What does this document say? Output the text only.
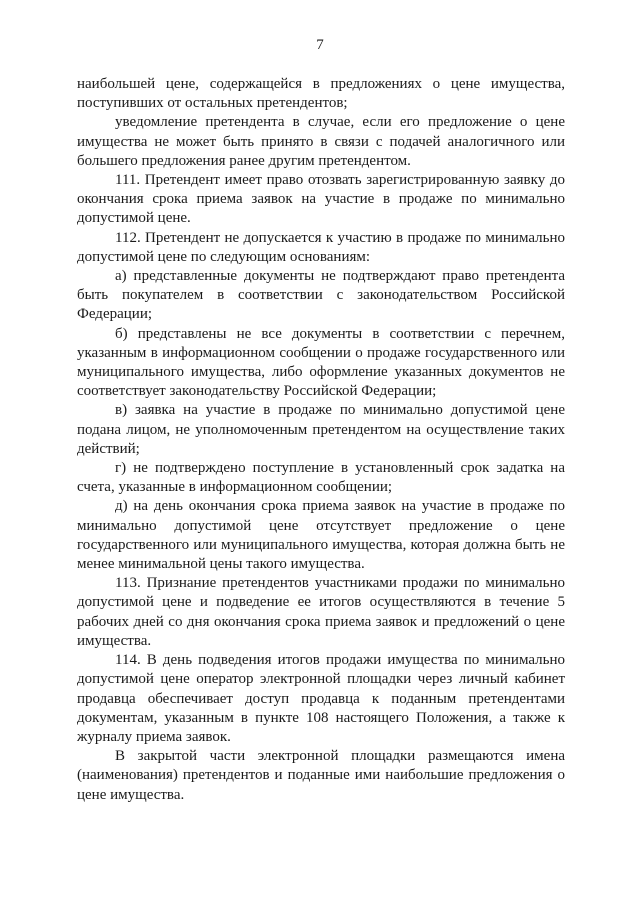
7

наибольшей цене, содержащейся в предложениях о цене имущества, поступивших от остальных претендентов;

уведомление претендента в случае, если его предложение о цене имущества не может быть принято в связи с подачей аналогичного или большего предложения ранее другим претендентом.

111. Претендент имеет право отозвать зарегистрированную заявку до окончания срока приема заявок на участие в продаже по минимально допустимой цене.

112. Претендент не допускается к участию в продаже по минимально допустимой цене по следующим основаниям:

а) представленные документы не подтверждают право претендента быть покупателем в соответствии с законодательством Российской Федерации;

б) представлены не все документы в соответствии с перечнем, указанным в информационном сообщении о продаже государственного или муниципального имущества, либо оформление указанных документов не соответствует законодательству Российской Федерации;

в) заявка на участие в продаже по минимально допустимой цене подана лицом, не уполномоченным претендентом на осуществление таких действий;

г) не подтверждено поступление в установленный срок задатка на счета, указанные в информационном сообщении;

д) на день окончания срока приема заявок на участие в продаже по минимально допустимой цене отсутствует предложение о цене государственного или муниципального имущества, которая должна быть не менее минимальной цены такого имущества.

113. Признание претендентов участниками продажи по минимально допустимой цене и подведение ее итогов осуществляются в течение 5 рабочих дней со дня окончания срока приема заявок и предложений о цене имущества.

114. В день подведения итогов продажи имущества по минимально допустимой цене оператор электронной площадки через личный кабинет продавца обеспечивает доступ продавца к поданным претендентами документам, указанным в пункте 108 настоящего Положения, а также к журналу приема заявок.

В закрытой части электронной площадки размещаются имена (наименования) претендентов и поданные ими наибольшие предложения о цене имущества.
